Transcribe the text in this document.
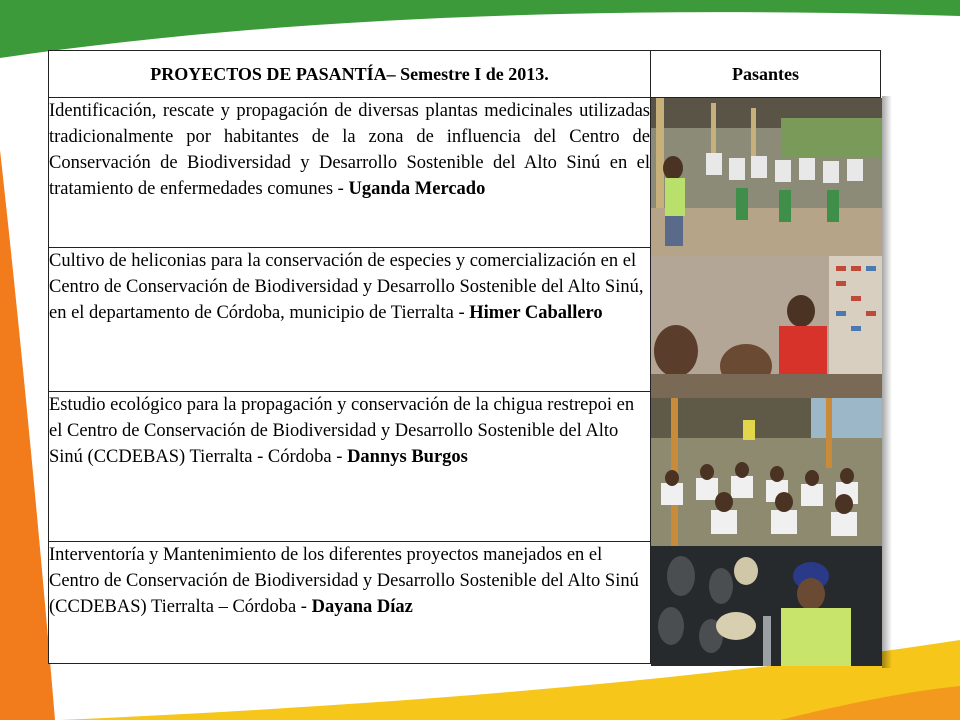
PROYECTOS DE PASANTÍA– Semestre I de 2013.	Pasantes
Identificación, rescate y propagación de diversas plantas medicinales utilizadas tradicionalmente por habitantes de la zona de influencia del Centro de Conservación de Biodiversidad y Desarrollo Sostenible del Alto Sinú en el tratamiento de enfermedades comunes - Uganda Mercado	

Cultivo de heliconias para la conservación de especies y comercialización en el Centro de Conservación de Biodiversidad y Desarrollo Sostenible del Alto Sinú, en el departamento de Córdoba, municipio de Tierralta - Himer Caballero	
Estudio ecológico para la propagación y conservación de la chigua restrepoi en el Centro de Conservación de Biodiversidad y Desarrollo Sostenible del Alto Sinú (CCDEBAS) Tierralta - Córdoba - Dannys Burgos	
Interventoría y Mantenimiento de los diferentes proyectos manejados en el Centro de Conservación de Biodiversidad y Desarrollo Sostenible del Alto Sinú (CCDEBAS) Tierralta – Córdoba - Dayana Díaz	
